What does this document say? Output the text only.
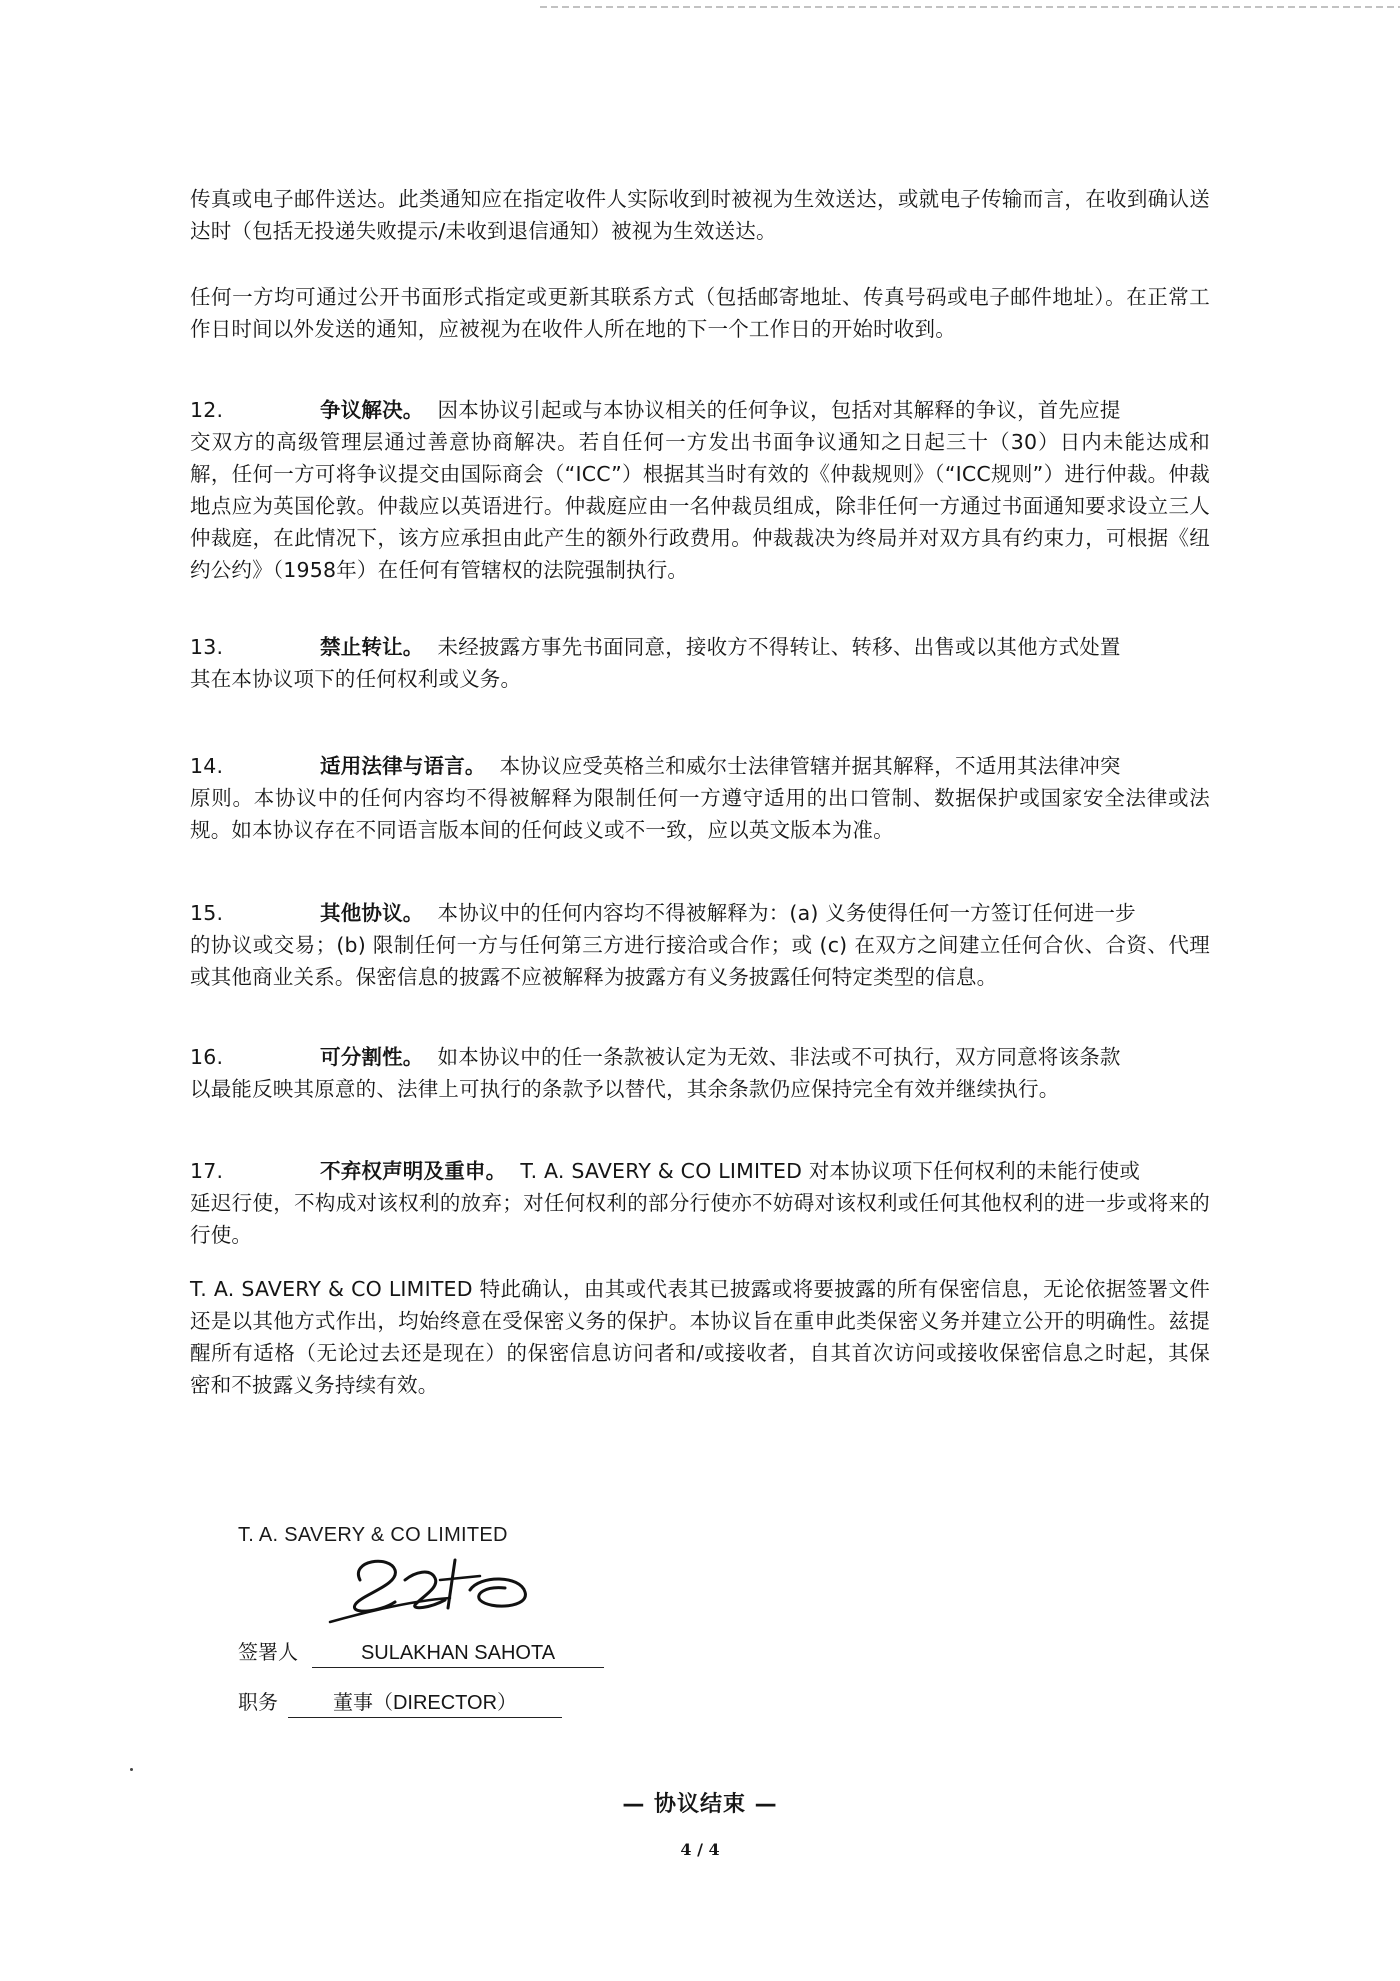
传真或电子邮件送达。此类通知应在指定收件人实际收到时被视为生效送达，或就电子传输而言，在收到确认送达时（包括无投递失败提示/未收到退信通知）被视为生效送达。
任何一方均可通过公开书面形式指定或更新其联系方式（包括邮寄地址、传真号码或电子邮件地址）。在正常工作日时间以外发送的通知，应被视为在收件人所在地的下一个工作日的开始时收到。
12.	争议解决。 因本协议引起或与本协议相关的任何争议，包括对其解释的争议，首先应提
交双方的高级管理层通过善意协商解决。若自任何一方发出书面争议通知之日起三十（30）日内未能达成和解，任何一方可将争议提交由国际商会（“ICC”）根据其当时有效的《仲裁规则》（“ICC规则”）进行仲裁。仲裁地点应为英国伦敦。仲裁应以英语进行。仲裁庭应由一名仲裁员组成，除非任何一方通过书面通知要求设立三人仲裁庭，在此情况下，该方应承担由此产生的额外行政费用。仲裁裁决为终局并对双方具有约束力，可根据《纽约公约》（1958年）在任何有管辖权的法院强制执行。
13.	禁止转让。 未经披露方事先书面同意，接收方不得转让、转移、出售或以其他方式处置
其在本协议项下的任何权利或义务。
14.	适用法律与语言。 本协议应受英格兰和威尔士法律管辖并据其解释，不适用其法律冲突
原则。本协议中的任何内容均不得被解释为限制任何一方遵守适用的出口管制、数据保护或国家安全法律或法规。如本协议存在不同语言版本间的任何歧义或不一致，应以英文版本为准。
15.	其他协议。 本协议中的任何内容均不得被解释为：(a) 义务使得任何一方签订任何进一步
的协议或交易；(b) 限制任何一方与任何第三方进行接洽或合作；或 (c) 在双方之间建立任何合伙、合资、代理或其他商业关系。保密信息的披露不应被解释为披露方有义务披露任何特定类型的信息。
16.	可分割性。 如本协议中的任一条款被认定为无效、非法或不可执行，双方同意将该条款
以最能反映其原意的、法律上可执行的条款予以替代，其余条款仍应保持完全有效并继续执行。
17.	不弃权声明及重申。 T. A. SAVERY & CO LIMITED 对本协议项下任何权利的未能行使或
延迟行使，不构成对该权利的放弃；对任何权利的部分行使亦不妨碍对该权利或任何其他权利的进一步或将来的行使。
T. A. SAVERY & CO LIMITED 特此确认，由其或代表其已披露或将要披露的所有保密信息，无论依据签署文件还是以其他方式作出，均始终意在受保密义务的保护。本协议旨在重申此类保密义务并建立公开的明确性。兹提醒所有适格（无论过去还是现在）的保密信息访问者和/或接收者，自其首次访问或接收保密信息之时起，其保密和不披露义务持续有效。
T. A. SAVERY & CO LIMITED
签署人	SULAKHAN SAHOTA
职务	董事（DIRECTOR）
— 协议结束 —
4 / 4
